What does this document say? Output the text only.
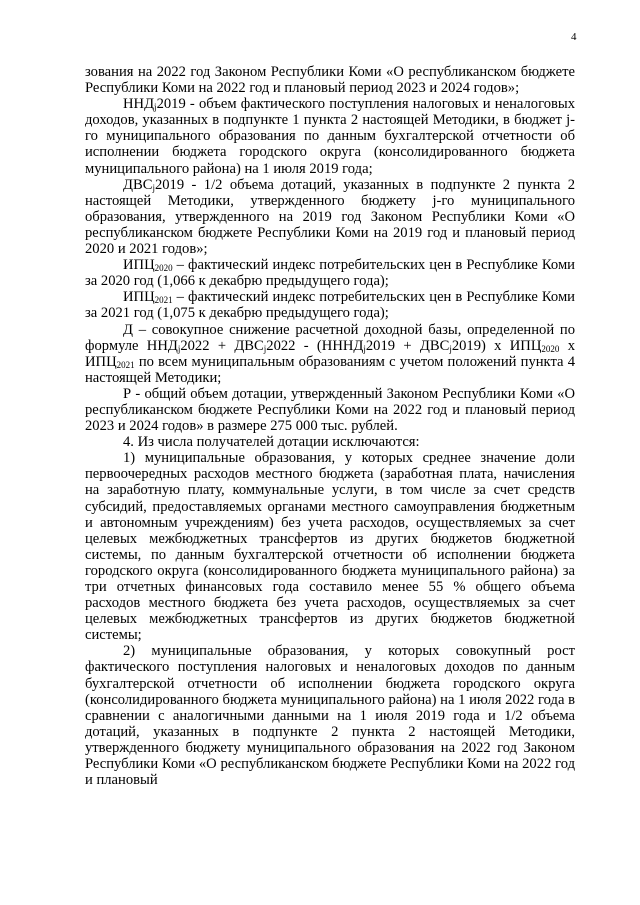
4

зования на 2022 год Законом Республики Коми «О республиканском бюджете Республики Коми на 2022 год и плановый период 2023 и 2024 годов»;

$ННД_j2019$ - объем фактического поступления налоговых и неналоговых доходов, указанных в подпункте 1 пункта 2 настоящей Методики, в бюджет j-го муниципального образования по данным бухгалтерской отчетности об исполнении бюджета городского округа (консолидированного бюджета муниципального района) на 1 июля 2019 года;

$ДВС_j2019 - 1/2$ объема дотаций, указанных в подпункте 2 пункта 2 настоящей Методики, утвержденного бюджету j-го муниципального образования, утвержденного на 2019 год Законом Республики Коми «О республиканском бюджете Республики Коми на 2019 год и плановый период 2020 и 2021 годов»;

$ИПЦ_{2020}$ – фактический индекс потребительских цен в Республике Коми за 2020 год (1,066 к декабрю предыдущего года);

$ИПЦ_{2021}$ – фактический индекс потребительских цен в Республике Коми за 2021 год (1,075 к декабрю предыдущего года);

Д – совокупное снижение расчетной доходной базы, определенной по формуле $ННД_j2022 + ДВС_j2022$ - $(НННД_j2019 + ДВС_j2019)$ х $ИПЦ_{2020}$ х $ИПЦ_{2021}$ по всем муниципальным образованиям с учетом положений пункта 4 настоящей Методики;

Р - общий объем дотации, утвержденный Законом Республики Коми «О республиканском бюджете Республики Коми на 2022 год и плановый период 2023 и 2024 годов» в размере 275 000 тыс. рублей.

4. Из числа получателей дотации исключаются:

1) муниципальные образования, у которых среднее значение доли первоочередных расходов местного бюджета (заработная плата, начисления на заработную плату, коммунальные услуги, в том числе за счет средств субсидий, предоставляемых органами местного самоуправления бюджетным и автономным учреждениям) без учета расходов, осуществляемых за счет целевых межбюджетных трансфертов из других бюджетов бюджетной системы, по данным бухгалтерской отчетности об исполнении бюджета городского округа (консолидированного бюджета муниципального района) за три отчетных финансовых года составило менее 55 % общего объема расходов местного бюджета без учета расходов, осуществляемых за счет целевых межбюджетных трансфертов из других бюджетов бюджетной системы;

2) муниципальные образования, у которых совокупный рост фактического поступления налоговых и неналоговых доходов по данным бухгалтерской отчетности об исполнении бюджета городского округа (консолидированного бюджета муниципального района) на 1 июля 2022 года в сравнении с аналогичными данными на 1 июля 2019 года и 1/2 объема дотаций, указанных в подпункте 2 пункта 2 настоящей Методики, утвержденного бюджету муниципального образования на 2022 год Законом Республики Коми «О республиканском бюджете Республики Коми на 2022 год и плановый
